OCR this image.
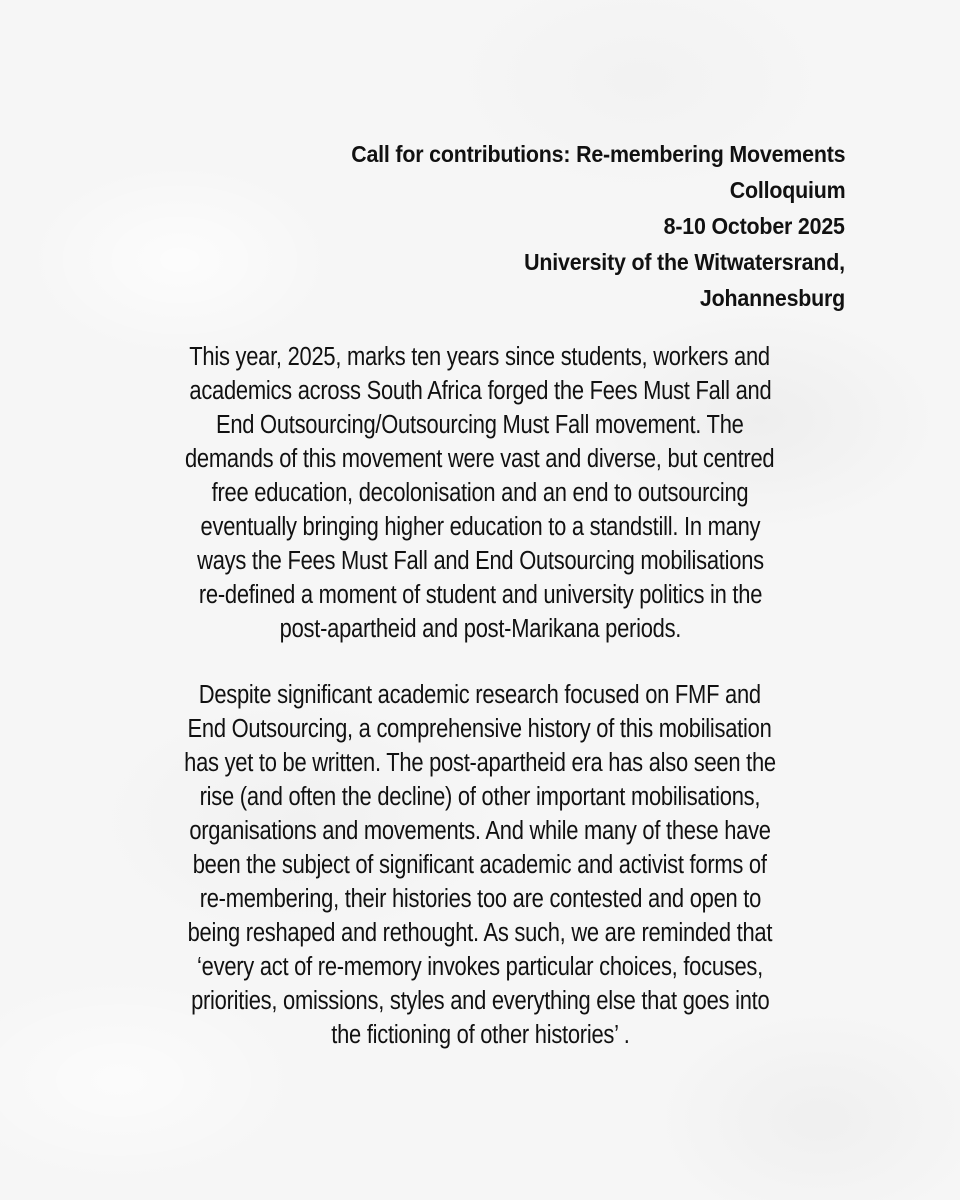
Call for contributions: Re-membering Movements
Colloquium
8-10 October 2025
University of the Witwatersrand,
Johannesburg
This year, 2025, marks ten years since students, workers and
academics across South Africa forged the Fees Must Fall and
End Outsourcing/Outsourcing Must Fall movement. The
demands of this movement were vast and diverse, but centred
free education, decolonisation and an end to outsourcing
eventually bringing higher education to a standstill. In many
ways the Fees Must Fall and End Outsourcing mobilisations
re-defined a moment of student and university politics in the
post-apartheid and post-Marikana periods.
Despite significant academic research focused on FMF and
End Outsourcing, a comprehensive history of this mobilisation
has yet to be written. The post-apartheid era has also seen the
rise (and often the decline) of other important mobilisations,
organisations and movements. And while many of these have
been the subject of significant academic and activist forms of
re-membering, their histories too are contested and open to
being reshaped and rethought. As such, we are reminded that
‘every act of re-memory invokes particular choices, focuses,
priorities, omissions, styles and everything else that goes into
the fictioning of other histories’ .
